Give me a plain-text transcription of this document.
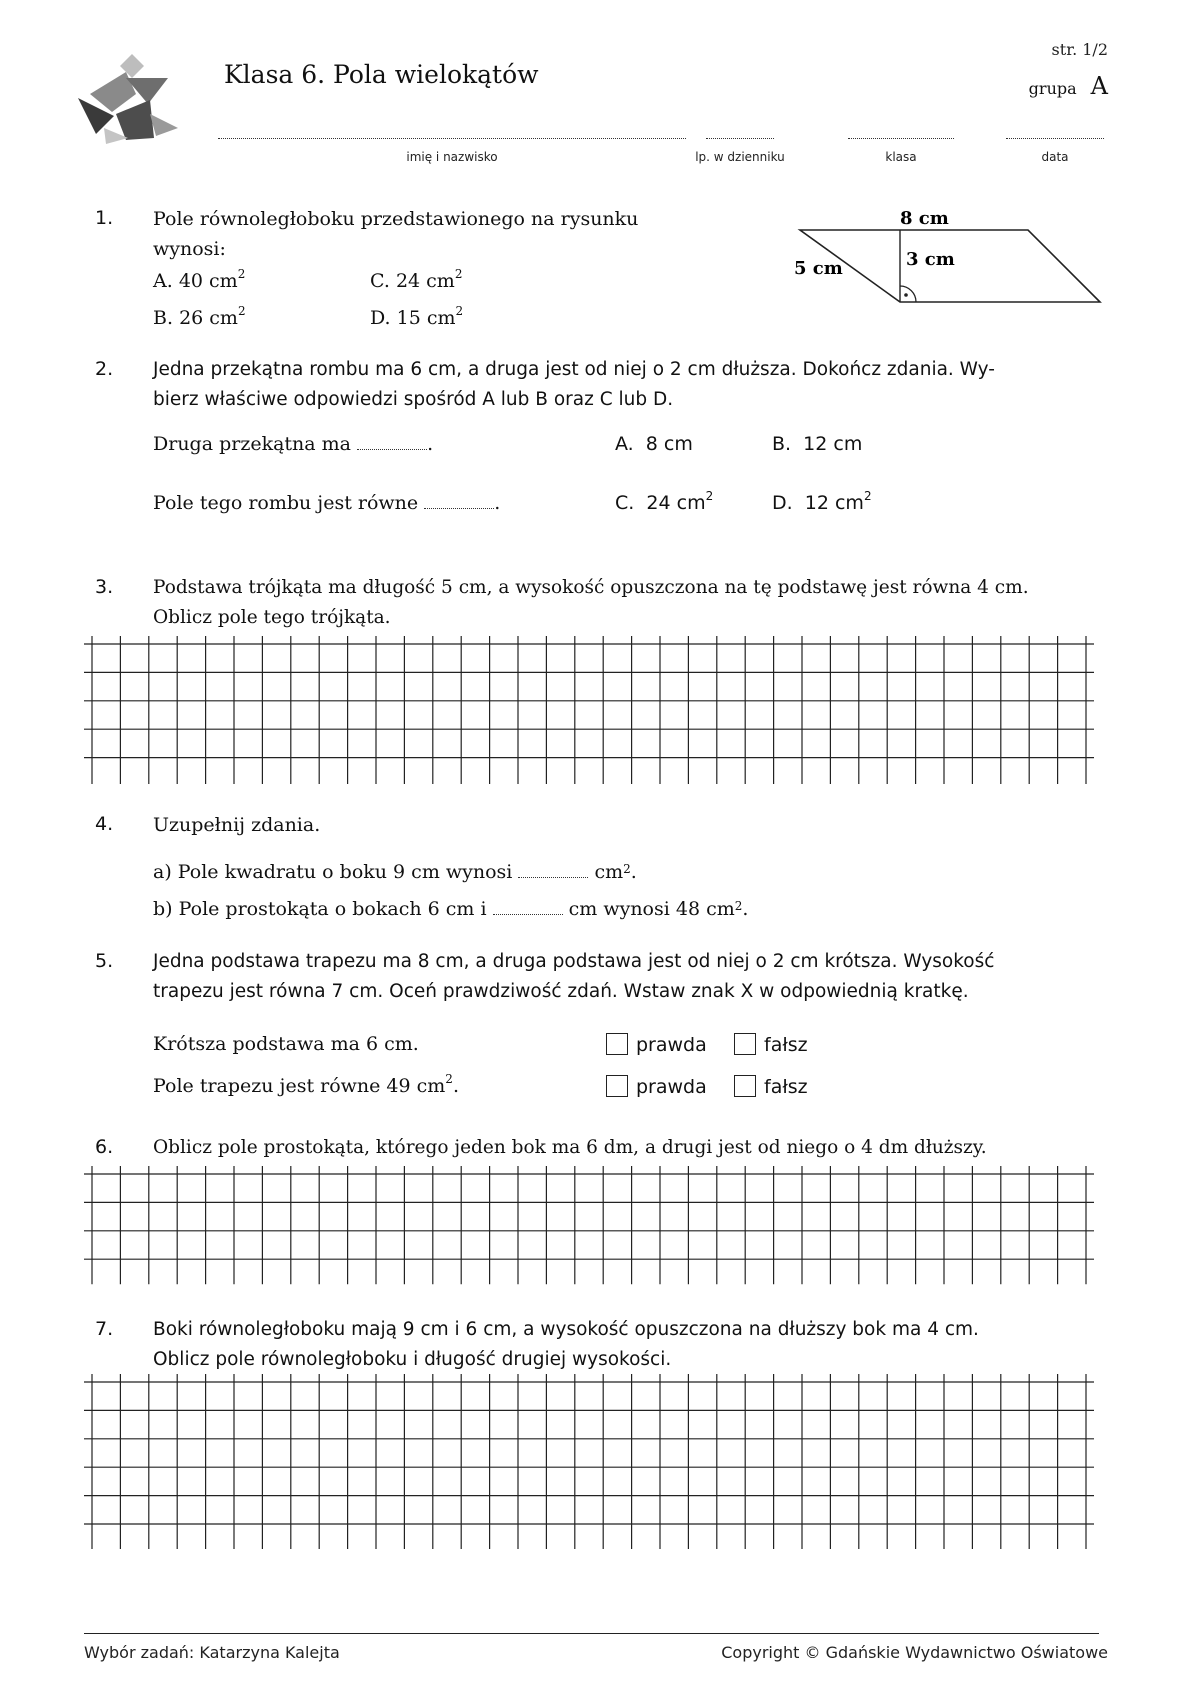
Klasa 6. Pola wielokątów
str. 1/2
grupa A
imię i nazwisko	lp. w dzienniku	klasa	data
1.	Pole równoległoboku przedstawionego na rysunku
wynosi:
A. 40 $cm^2$	C. 24 $cm^2$
B. 26 $cm^2$	D. 15 $cm^2$
8 cm
5 cm	3 cm
2.	Jedna przekątna rombu ma 6 cm, a druga jest od niej o 2 cm dłuższa. Dokończ zdania. Wy-
bierz właściwe odpowiedzi spośród A lub B oraz C lub D.
Druga przekątna ma	.	A. 8 cm	B. 12 cm
Pole tego rombu jest równe	.	C. 24 $cm^2$	D. 12 $cm^2$
3.	Podstawa trójkąta ma długość 5 cm, a wysokość opuszczona na tę podstawę jest równa 4 cm.
Oblicz pole tego trójkąta.
4.	Uzupełnij zdania.
a) Pole kwadratu o boku 9 cm wynosi	$cm^2$.
b) Pole prostokąta o bokach 6 cm i	cm wynosi 48 $cm^2$.
5.	Jedna podstawa trapezu ma 8 cm, a druga podstawa jest od niej o 2 cm krótsza. Wysokość
trapezu jest równa 7 cm. Oceń prawdziwość zdań. Wstaw znak X w odpowiednią kratkę.
Krótsza podstawa ma 6 cm.	prawda	fałsz
Pole trapezu jest równe 49 $cm^2$.	prawda	fałsz
6.	Oblicz pole prostokąta, którego jeden bok ma 6 dm, a drugi jest od niego o 4 dm dłuższy.
7.	Boki równoległoboku mają 9 cm i 6 cm, a wysokość opuszczona na dłuższy bok ma 4 cm.
Oblicz pole równoległoboku i długość drugiej wysokości.
Wybór zadań: Katarzyna Kalejta	Copyright © Gdańskie Wydawnictwo Oświatowe
